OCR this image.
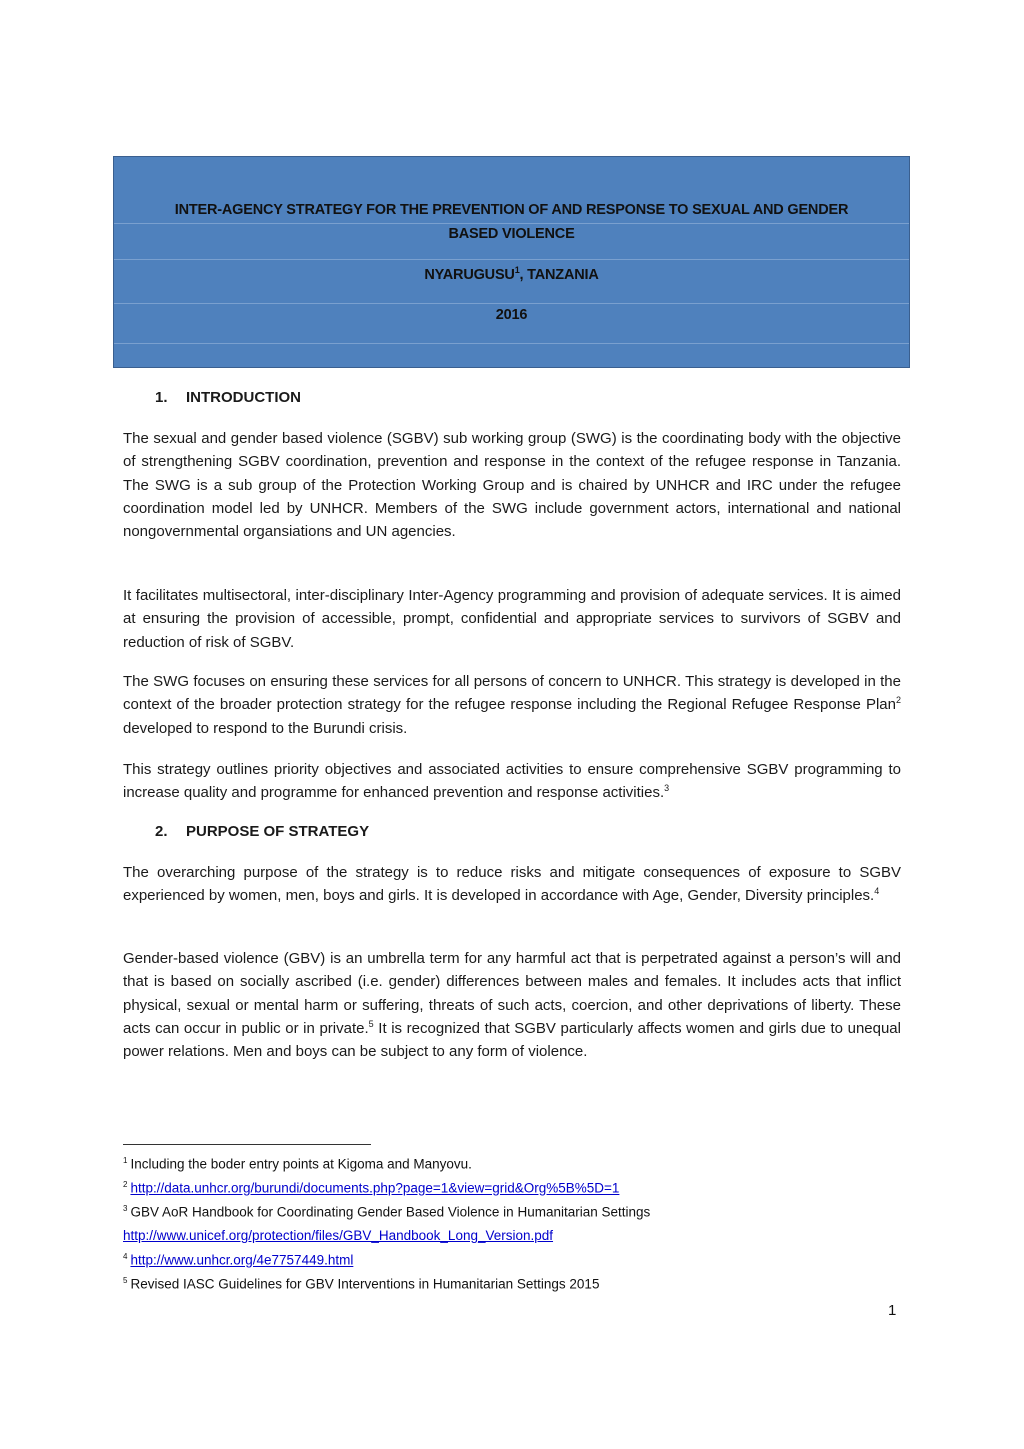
INTER-AGENCY STRATEGY FOR THE PREVENTION OF AND RESPONSE TO SEXUAL AND GENDER
BASED VIOLENCE
NYARUGUSU$^1$, TANZANIA
2016
1. INTRODUCTION
The sexual and gender based violence (SGBV) sub working group (SWG) is the coordinating body with the objective of strengthening SGBV coordination, prevention and response in the context of the refugee response in Tanzania. The SWG is a sub group of the Protection Working Group and is chaired by UNHCR and IRC under the refugee coordination model led by UNHCR. Members of the SWG include government actors, international and national nongovernmental organsiations and UN agencies.
It facilitates multisectoral, inter-disciplinary Inter-Agency programming and provision of adequate services. It is aimed at ensuring the provision of accessible, prompt, confidential and appropriate services to survivors of SGBV and reduction of risk of SGBV.
The SWG focuses on ensuring these services for all persons of concern to UNHCR. This strategy is developed in the context of the broader protection strategy for the refugee response including the Regional Refugee Response Plan$^2$ developed to respond to the Burundi crisis.
This strategy outlines priority objectives and associated activities to ensure comprehensive SGBV programming to increase quality and programme for enhanced prevention and response activities.$^3$
2. PURPOSE OF STRATEGY
The overarching purpose of the strategy is to reduce risks and mitigate consequences of exposure to SGBV experienced by women, men, boys and girls. It is developed in accordance with Age, Gender, Diversity principles.$^4$
Gender-based violence (GBV) is an umbrella term for any harmful act that is perpetrated against a person’s will and that is based on socially ascribed (i.e. gender) differences between males and females. It includes acts that inflict physical, sexual or mental harm or suffering, threats of such acts, coercion, and other deprivations of liberty. These acts can occur in public or in private.$^5$ It is recognized that SGBV particularly affects women and girls due to unequal power relations. Men and boys can be subject to any form of violence.
$^1$ Including the boder entry points at Kigoma and Manyovu.
$^2$ http://data.unhcr.org/burundi/documents.php?page=1&view=grid&Org%5B%5D=1
$^3$ GBV AoR Handbook for Coordinating Gender Based Violence in Humanitarian Settings
http://www.unicef.org/protection/files/GBV_Handbook_Long_Version.pdf
$^4$ http://www.unhcr.org/4e7757449.html
$^5$ Revised IASC Guidelines for GBV Interventions in Humanitarian Settings 2015
1
